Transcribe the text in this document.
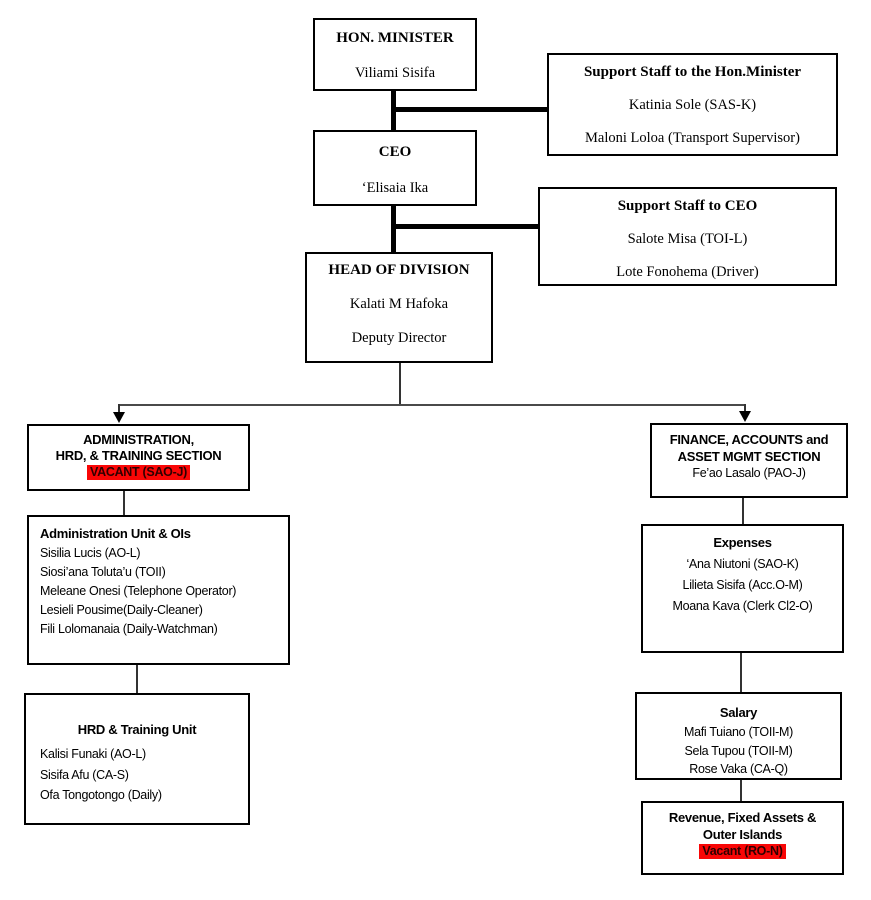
HON. MINISTER
Viliami Sisifa	Support Staff to the Hon.Minister
Katinia Sole (SAS-K)
Maloni Loloa (Transport Supervisor)
CEO
‘Elisaia Ika
Support Staff to CEO
Salote Misa (TOI-L)
Lote Fonohema (Driver)
HEAD OF DIVISION
Kalati M Hafoka
Deputy Director
ADMINISTRATION,
HRD, & TRAINING SECTION
VACANT (SAO-J)
Administration Unit & OIs
Sisilia Lucis (AO-L)
Siosi’ana Toluta’u (TOII)
Meleane Onesi (Telephone Operator)
Lesieli Pousime(Daily-Cleaner)
Fili Lolomanaia (Daily-Watchman)
HRD & Training Unit
Kalisi Funaki (AO-L)
Sisifa Afu (CA-S)
Ofa Tongotongo (Daily)
FINANCE, ACCOUNTS and
ASSET MGMT SECTION
Fe’ao Lasalo (PAO-J)
Expenses
‘Ana Niutoni (SAO-K)
Lilieta Sisifa (Acc.O-M)
Moana Kava (Clerk Cl2-O)
Salary
Mafi Tuiano (TOII-M)
Sela Tupou (TOII-M)
Rose Vaka (CA-Q)
Revenue, Fixed Assets &
Outer Islands
Vacant (RO-N)
